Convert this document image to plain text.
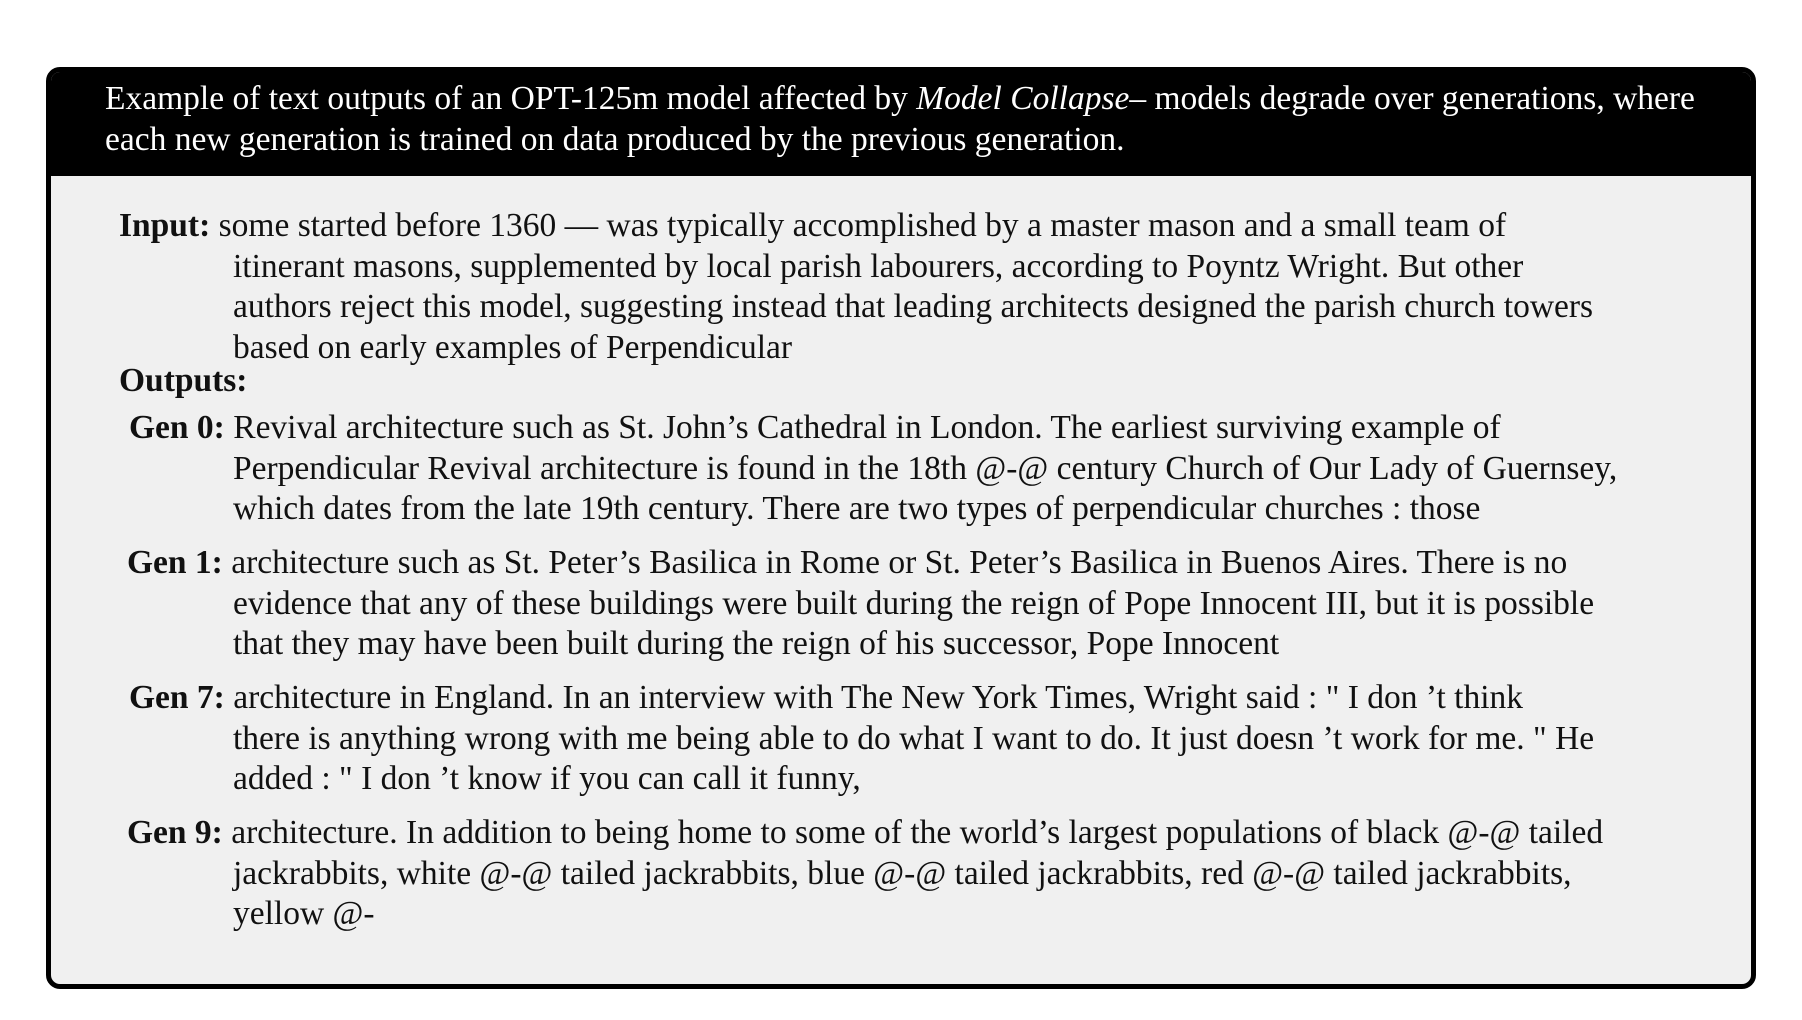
Example of text outputs of an OPT-125m model affected by Model Collapse– models degrade over generations, where each new generation is trained on data produced by the previous generation.
Input: some started before 1360 — was typically accomplished by a master mason and a small team of
itinerant masons, supplemented by local parish labourers, according to Poyntz Wright. But other
authors reject this model, suggesting instead that leading architects designed the parish church towers
based on early examples of Perpendicular
Outputs:
Gen 0: Revival architecture such as St. John’s Cathedral in London. The earliest surviving example of
Perpendicular Revival architecture is found in the 18th @-@ century Church of Our Lady of Guernsey,
which dates from the late 19th century. There are two types of perpendicular churches : those
Gen 1: architecture such as St. Peter’s Basilica in Rome or St. Peter’s Basilica in Buenos Aires. There is no
evidence that any of these buildings were built during the reign of Pope Innocent III, but it is possible
that they may have been built during the reign of his successor, Pope Innocent
Gen 7: architecture in England. In an interview with The New York Times, Wright said : " I don ’t think
there is anything wrong with me being able to do what I want to do. It just doesn ’t work for me. " He
added : " I don ’t know if you can call it funny,
Gen 9: architecture. In addition to being home to some of the world’s largest populations of black @-@ tailed
jackrabbits, white @-@ tailed jackrabbits, blue @-@ tailed jackrabbits, red @-@ tailed jackrabbits,
yellow @-
